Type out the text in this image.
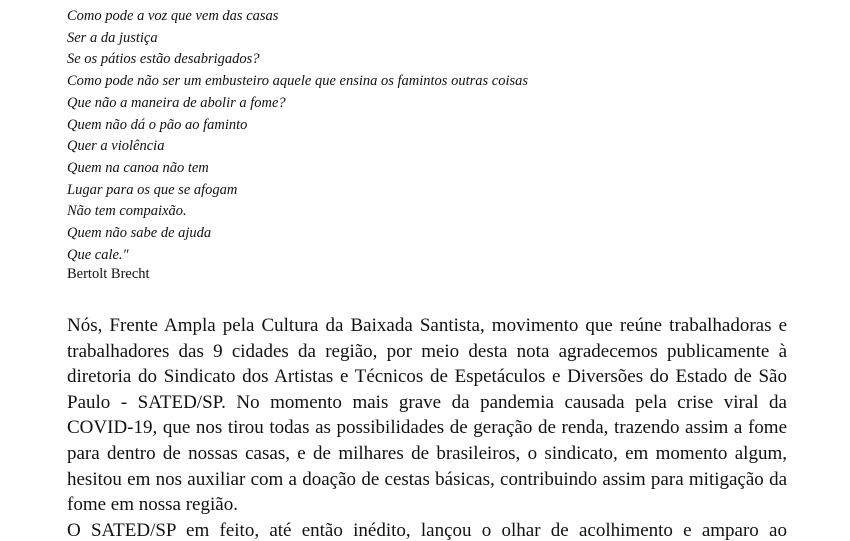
Como pode a voz que vem das casas
Ser a da justiça
Se os pátios estão desabrigados?
Como pode não ser um embusteiro aquele que ensina os famintos outras coisas
Que não a maneira de abolir a fome?
Quem não dá o pão ao faminto
Quer a violência
Quem na canoa não tem
Lugar para os que se afogam
Não tem compaixão.
Quem não sabe de ajuda
Que cale."
Bertolt Brecht

Nós, Frente Ampla pela Cultura da Baixada Santista, movimento que reúne trabalhadoras e
trabalhadores das 9 cidades da região, por meio desta nota agradecemos publicamente à
diretoria do Sindicato dos Artistas e Técnicos de Espetáculos e Diversões do Estado de São
Paulo - SATED/SP. No momento mais grave da pandemia causada pela crise viral da
COVID-19, que nos tirou todas as possibilidades de geração de renda, trazendo assim a fome
para dentro de nossas casas, e de milhares de brasileiros, o sindicato, em momento algum,
hesitou em nos auxiliar com a doação de cestas básicas, contribuindo assim para mitigação da
fome em nossa região.

O SATED/SP em feito, até então inédito, lançou o olhar de acolhimento e amparo ao
